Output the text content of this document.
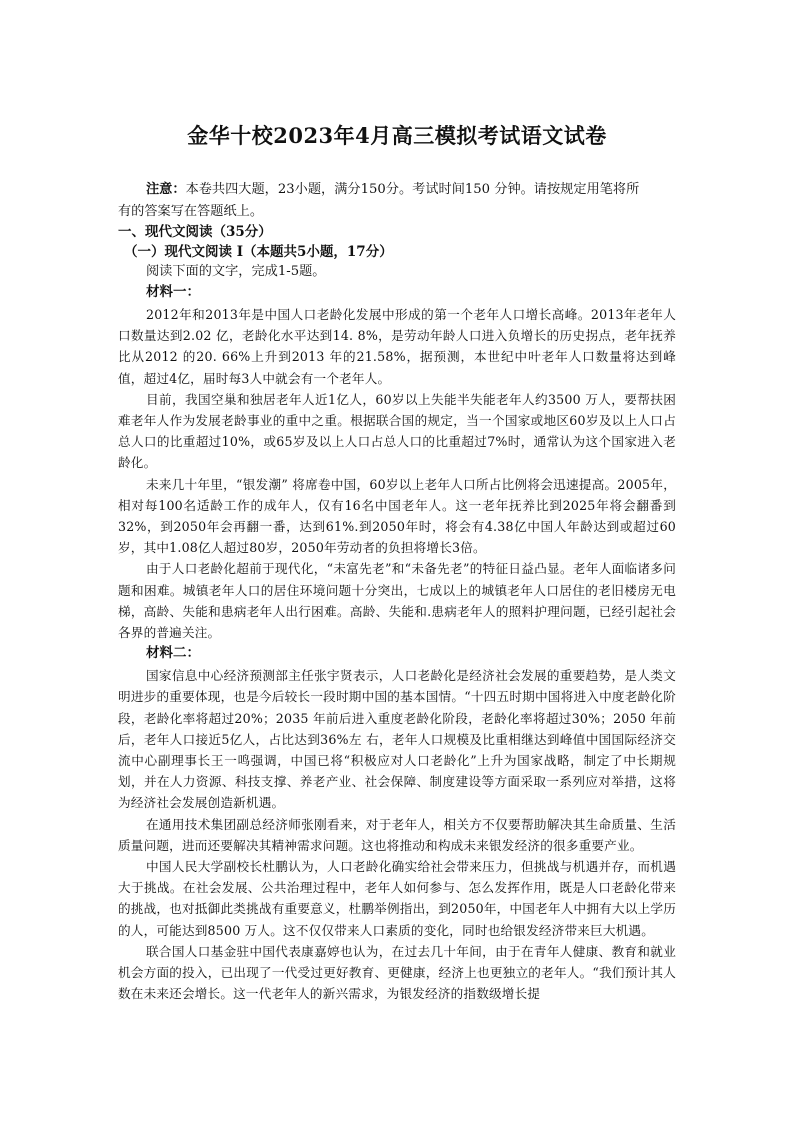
金华十校2023年4月高三模拟考试语文试卷

注意：本卷共四大题，23小题，满分150分。考试时间150 分钟。请按规定用笔将所

有的答案写在答题纸上。

一、现代文阅读（35分）

（一）现代文阅读 I（本题共5小题，17分）

阅读下面的文字，完成1-5题。

材料一：

2012年和2013年是中国人口老龄化发展中形成的第一个老年人口增长高峰。2013年老年人口数量达到2.02 亿，老龄化水平达到14. 8%，是劳动年龄人口进入负增长的历史拐点，老年抚养比从2012 的20. 66%上升到2013 年的21.58%，据预测，本世纪中叶老年人口数量将达到峰值，超过4亿，届时每3人中就会有一个老年人。

目前，我国空巢和独居老年人近1亿人，60岁以上失能半失能老年人约3500 万人，要帮扶困难老年人作为发展老龄事业的重中之重。根据联合国的规定，当一个国家或地区60岁及以上人口占总人口的比重超过10%，或65岁及以上人口占总人口的比重超过7%时，通常认为这个国家进入老龄化。

未来几十年里，“银发潮” 将席卷中国，60岁以上老年人口所占比例将会迅速提高。2005年，相对每100名适龄工作的成年人，仅有16名中国老年人。这一老年抚养比到2025年将会翻番到32%，到2050年会再翻一番，达到61%.到2050年时，将会有4.38亿中国人年龄达到或超过60岁，其中1.08亿人超过80岁，2050年劳动者的负担将增长3倍。

由于人口老龄化超前于现代化，“未富先老”和“未备先老”的特征日益凸显。老年人面临诸多问题和困难。城镇老年人口的居住环境问题十分突出，七成以上的城镇老年人口居住的老旧楼房无电梯，高龄、失能和患病老年人出行困难。高龄、失能和.患病老年人的照料护理问题，已经引起社会各界的普遍关注。

材料二：

国家信息中心经济预测部主任张宇贤表示，人口老龄化是经济社会发展的重要趋势，是人类文明进步的重要体现，也是今后较长一段时期中国的基本国情。“十四五时期中国将进入中度老龄化阶段，老龄化率将超过20%；2035 年前后进入重度老龄化阶段，老龄化率将超过30%；2050 年前后，老年人口接近5亿人，占比达到36%左 右，老年人口规模及比重相继达到峰值中国国际经济交流中心副理事长王一鸣强调，中国已将“积极应对人口老龄化”上升为国家战略，制定了中长期规划，并在人力资源、科技支撑、养老产业、社会保障、制度建设等方面采取一系列应对举措，这将为经济社会发展创造新机遇。

在通用技术集团副总经济师张刚看来，对于老年人，相关方不仅要帮助解决其生命质量、生活质量问题，进而还要解决其精神需求问题。这也将推动和构成未来银发经济的很多重要产业。

中国人民大学副校长杜鹏认为，人口老龄化确实给社会带来压力，但挑战与机遇并存，而机遇大于挑战。在社会发展、公共治理过程中，老年人如何参与、怎么发挥作用，既是人口老龄化带来的挑战，也对抵御此类挑战有重要意义，杜鹏举例指出，到2050年，中国老年人中拥有大以上学历的人，可能达到8500 万人。这不仅仅带来人口素质的变化，同时也给银发经济带来巨大机遇。

联合国人口基金驻中国代表康嘉婷也认为，在过去几十年间，由于在青年人健康、教育和就业机会方面的投入，已出现了一代受过更好教育、更健康，经济上也更独立的老年人。“我们预计其人数在未来还会增长。这一代老年人的新兴需求，为银发经济的指数级增长提
